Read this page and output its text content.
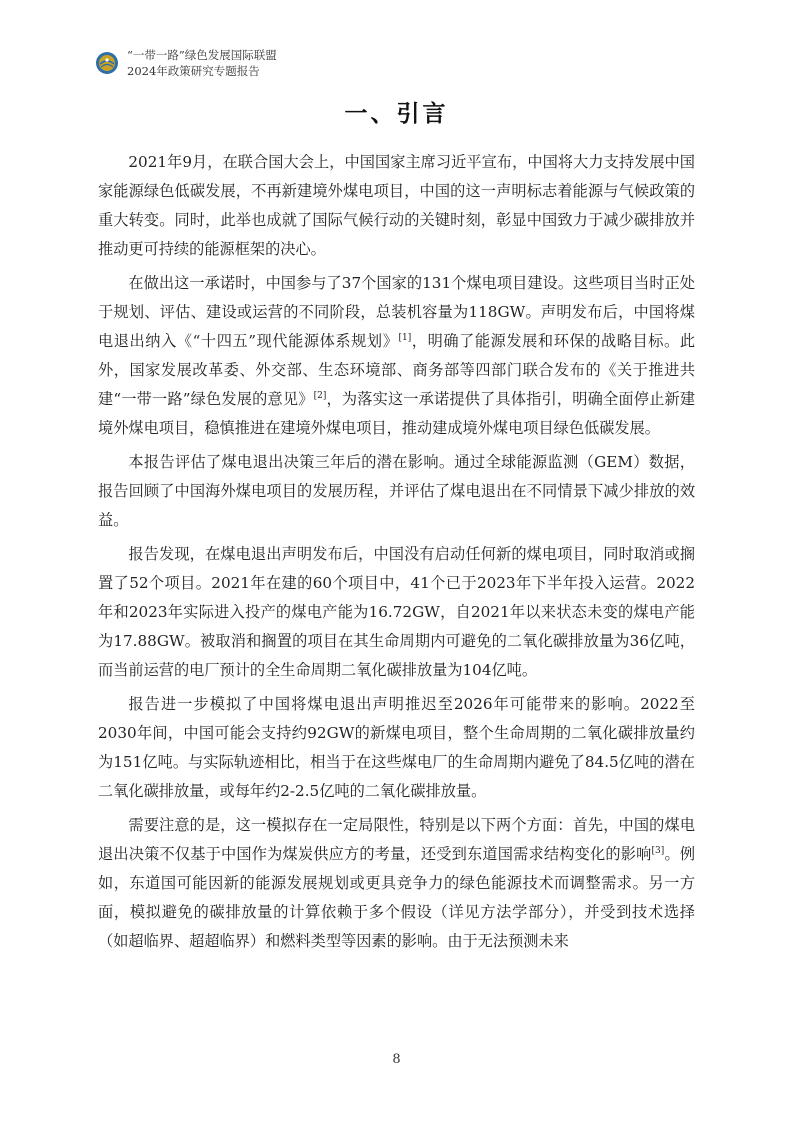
“一带一路”绿色发展国际联盟
2024年政策研究专题报告
一、引言

2021年9月，在联合国大会上，中国国家主席习近平宣布，中国将大力支持发展中国家能源绿色低碳发展，不再新建境外煤电项目，中国的这一声明标志着能源与气候政策的重大转变。同时，此举也成就了国际气候行动的关键时刻，彰显中国致力于减少碳排放并推动更可持续的能源框架的决心。

在做出这一承诺时，中国参与了37个国家的131个煤电项目建设。这些项目当时正处于规划、评估、建设或运营的不同阶段，总装机容量为118GW。声明发布后，中国将煤电退出纳入《“十四五”现代能源体系规划》[1]，明确了能源发展和环保的战略目标。此外，国家发展改革委、外交部、生态环境部、商务部等四部门联合发布的《关于推进共建“一带一路”绿色发展的意见》[2]，为落实这一承诺提供了具体指引，明确全面停止新建境外煤电项目，稳慎推进在建境外煤电项目，推动建成境外煤电项目绿色低碳发展。

本报告评估了煤电退出决策三年后的潜在影响。通过全球能源监测（GEM）数据，报告回顾了中国海外煤电项目的发展历程，并评估了煤电退出在不同情景下减少排放的效益。

报告发现，在煤电退出声明发布后，中国没有启动任何新的煤电项目，同时取消或搁置了52个项目。2021年在建的60个项目中，41个已于2023年下半年投入运营。2022年和2023年实际进入投产的煤电产能为16.72GW，自2021年以来状态未变的煤电产能为17.88GW。被取消和搁置的项目在其生命周期内可避免的二氧化碳排放量为36亿吨，而当前运营的电厂预计的全生命周期二氧化碳排放量为104亿吨。

报告进一步模拟了中国将煤电退出声明推迟至2026年可能带来的影响。2022至2030年间，中国可能会支持约92GW的新煤电项目，整个生命周期的二氧化碳排放量约为151亿吨。与实际轨迹相比，相当于在这些煤电厂的生命周期内避免了84.5亿吨的潜在二氧化碳排放量，或每年约2-2.5亿吨的二氧化碳排放量。

需要注意的是，这一模拟存在一定局限性，特别是以下两个方面：首先，中国的煤电退出决策不仅基于中国作为煤炭供应方的考量，还受到东道国需求结构变化的影响[3]。例如，东道国可能因新的能源发展规划或更具竞争力的绿色能源技术而调整需求。另一方面，模拟避免的碳排放量的计算依赖于多个假设（详见方法学部分），并受到技术选择（如超临界、超超临界）和燃料类型等因素的影响。由于无法预测未来

8
